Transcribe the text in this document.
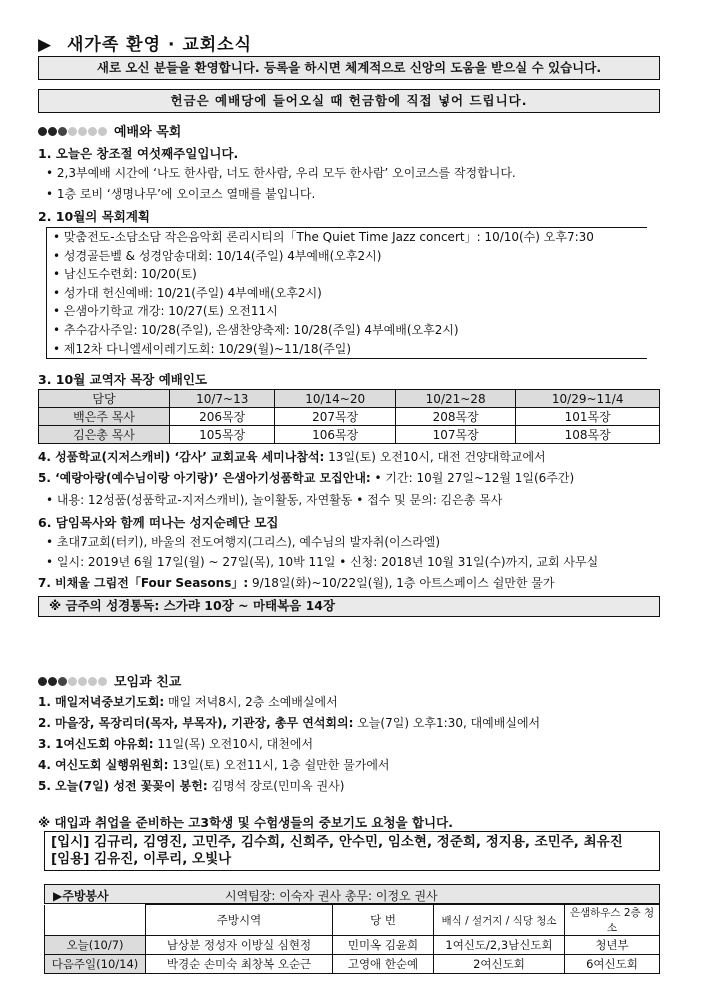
▶ 새가족 환영 · 교회소식
새로 오신 분들을 환영합니다. 등록을 하시면 체계적으로 신앙의 도움을 받으실 수 있습니다.
헌금은 예배당에 들어오실 때 헌금함에 직접 넣어 드립니다.
예배와 목회
1. 오늘은 창조절 여섯째주일입니다.
• 2,3부예배 시간에 ‘나도 한사람, 너도 한사람, 우리 모두 한사람’ 오이코스를 작정합니다.
• 1층 로비 ‘생명나무’에 오이코스 열매를 붙입니다.
2. 10월의 목회계획
• 맞춤전도-소담소담 작은음악회 론리시티의「The Quiet Time Jazz concert」: 10/10(수) 오후7:30
• 성경골든벨 & 성경암송대회: 10/14(주일) 4부예배(오후2시)
• 남신도수련회: 10/20(토)
• 성가대 헌신예배: 10/21(주일) 4부예배(오후2시)
• 은샘아기학교 개강: 10/27(토) 오전11시
• 추수감사주일: 10/28(주일), 은샘찬양축제: 10/28(주일) 4부예배(오후2시)
• 제12차 다니엘세이레기도회: 10/29(월)~11/18(주일)
3. 10월 교역자 목장 예배인도
담당	10/7~13	10/14~20	10/21~28	10/29~11/4
백은주 목사	206목장	207목장	208목장	101목장
김은총 목사	105목장	106목장	107목장	108목장
4. 성품학교(지저스캐비) ‘감사’ 교회교육 세미나참석: 13일(토) 오전10시, 대전 건양대학교에서
5. ‘예랑아랑(예수님이랑 아기랑)’ 은샘아기성품학교 모집안내: • 기간: 10월 27일~12월 1일(6주간)
• 내용: 12성품(성품학교-지저스캐비), 놀이활동, 자연활동 • 접수 및 문의: 김은총 목사
6. 담임목사와 함께 떠나는 성지순례단 모집
• 초대7교회(터키), 바울의 전도여행지(그리스), 예수님의 발자취(이스라엘)
• 일시: 2019년 6월 17일(월) ~ 27일(목), 10박 11일 • 신청: 2018년 10월 31일(수)까지, 교회 사무실
7. 비채울 그림전「Four Seasons」: 9/18일(화)~10/22일(월), 1층 아트스페이스 쉴만한 물가
※ 금주의 성경통독: 스가랴 10장 ~ 마태복음 14장
모임과 친교
1. 매일저녁중보기도회: 매일 저녁8시, 2층 소예배실에서
2. 마을장, 목장리더(목자, 부목자), 기관장, 총무 연석회의: 오늘(7일) 오후1:30, 대예배실에서
3. 1여신도회 야유회: 11일(목) 오전10시, 대천에서
4. 여신도회 실행위원회: 13일(토) 오전11시, 1층 쉴만한 물가에서
5. 오늘(7일) 성전 꽃꽂이 봉헌: 김명석 장로(민미옥 권사)
※ 대입과 취업을 준비하는 고3학생 및 수험생들의 중보기도 요청을 합니다.
[입시] 김규리, 김영진, 고민주, 김수희, 신희주, 안수민, 임소현, 정준희, 정지용, 조민주, 최유진
[임용] 김유진, 이루리, 오빛나
▶주방봉사	시역팀장: 이숙자 권사 총무: 이정오 권사
	주방시역	당 번	배식 / 설거지 / 식당 청소	은샘하우스 2층 청소
오늘(10/7)	남상분 정성자 이방실 심현정	민미옥 김윤희	1여신도/2,3남신도회	청년부
다음주일(10/14)	박경순 손미숙 최창복 오순근	고영애 한순예	2여신도회	6여신도회
